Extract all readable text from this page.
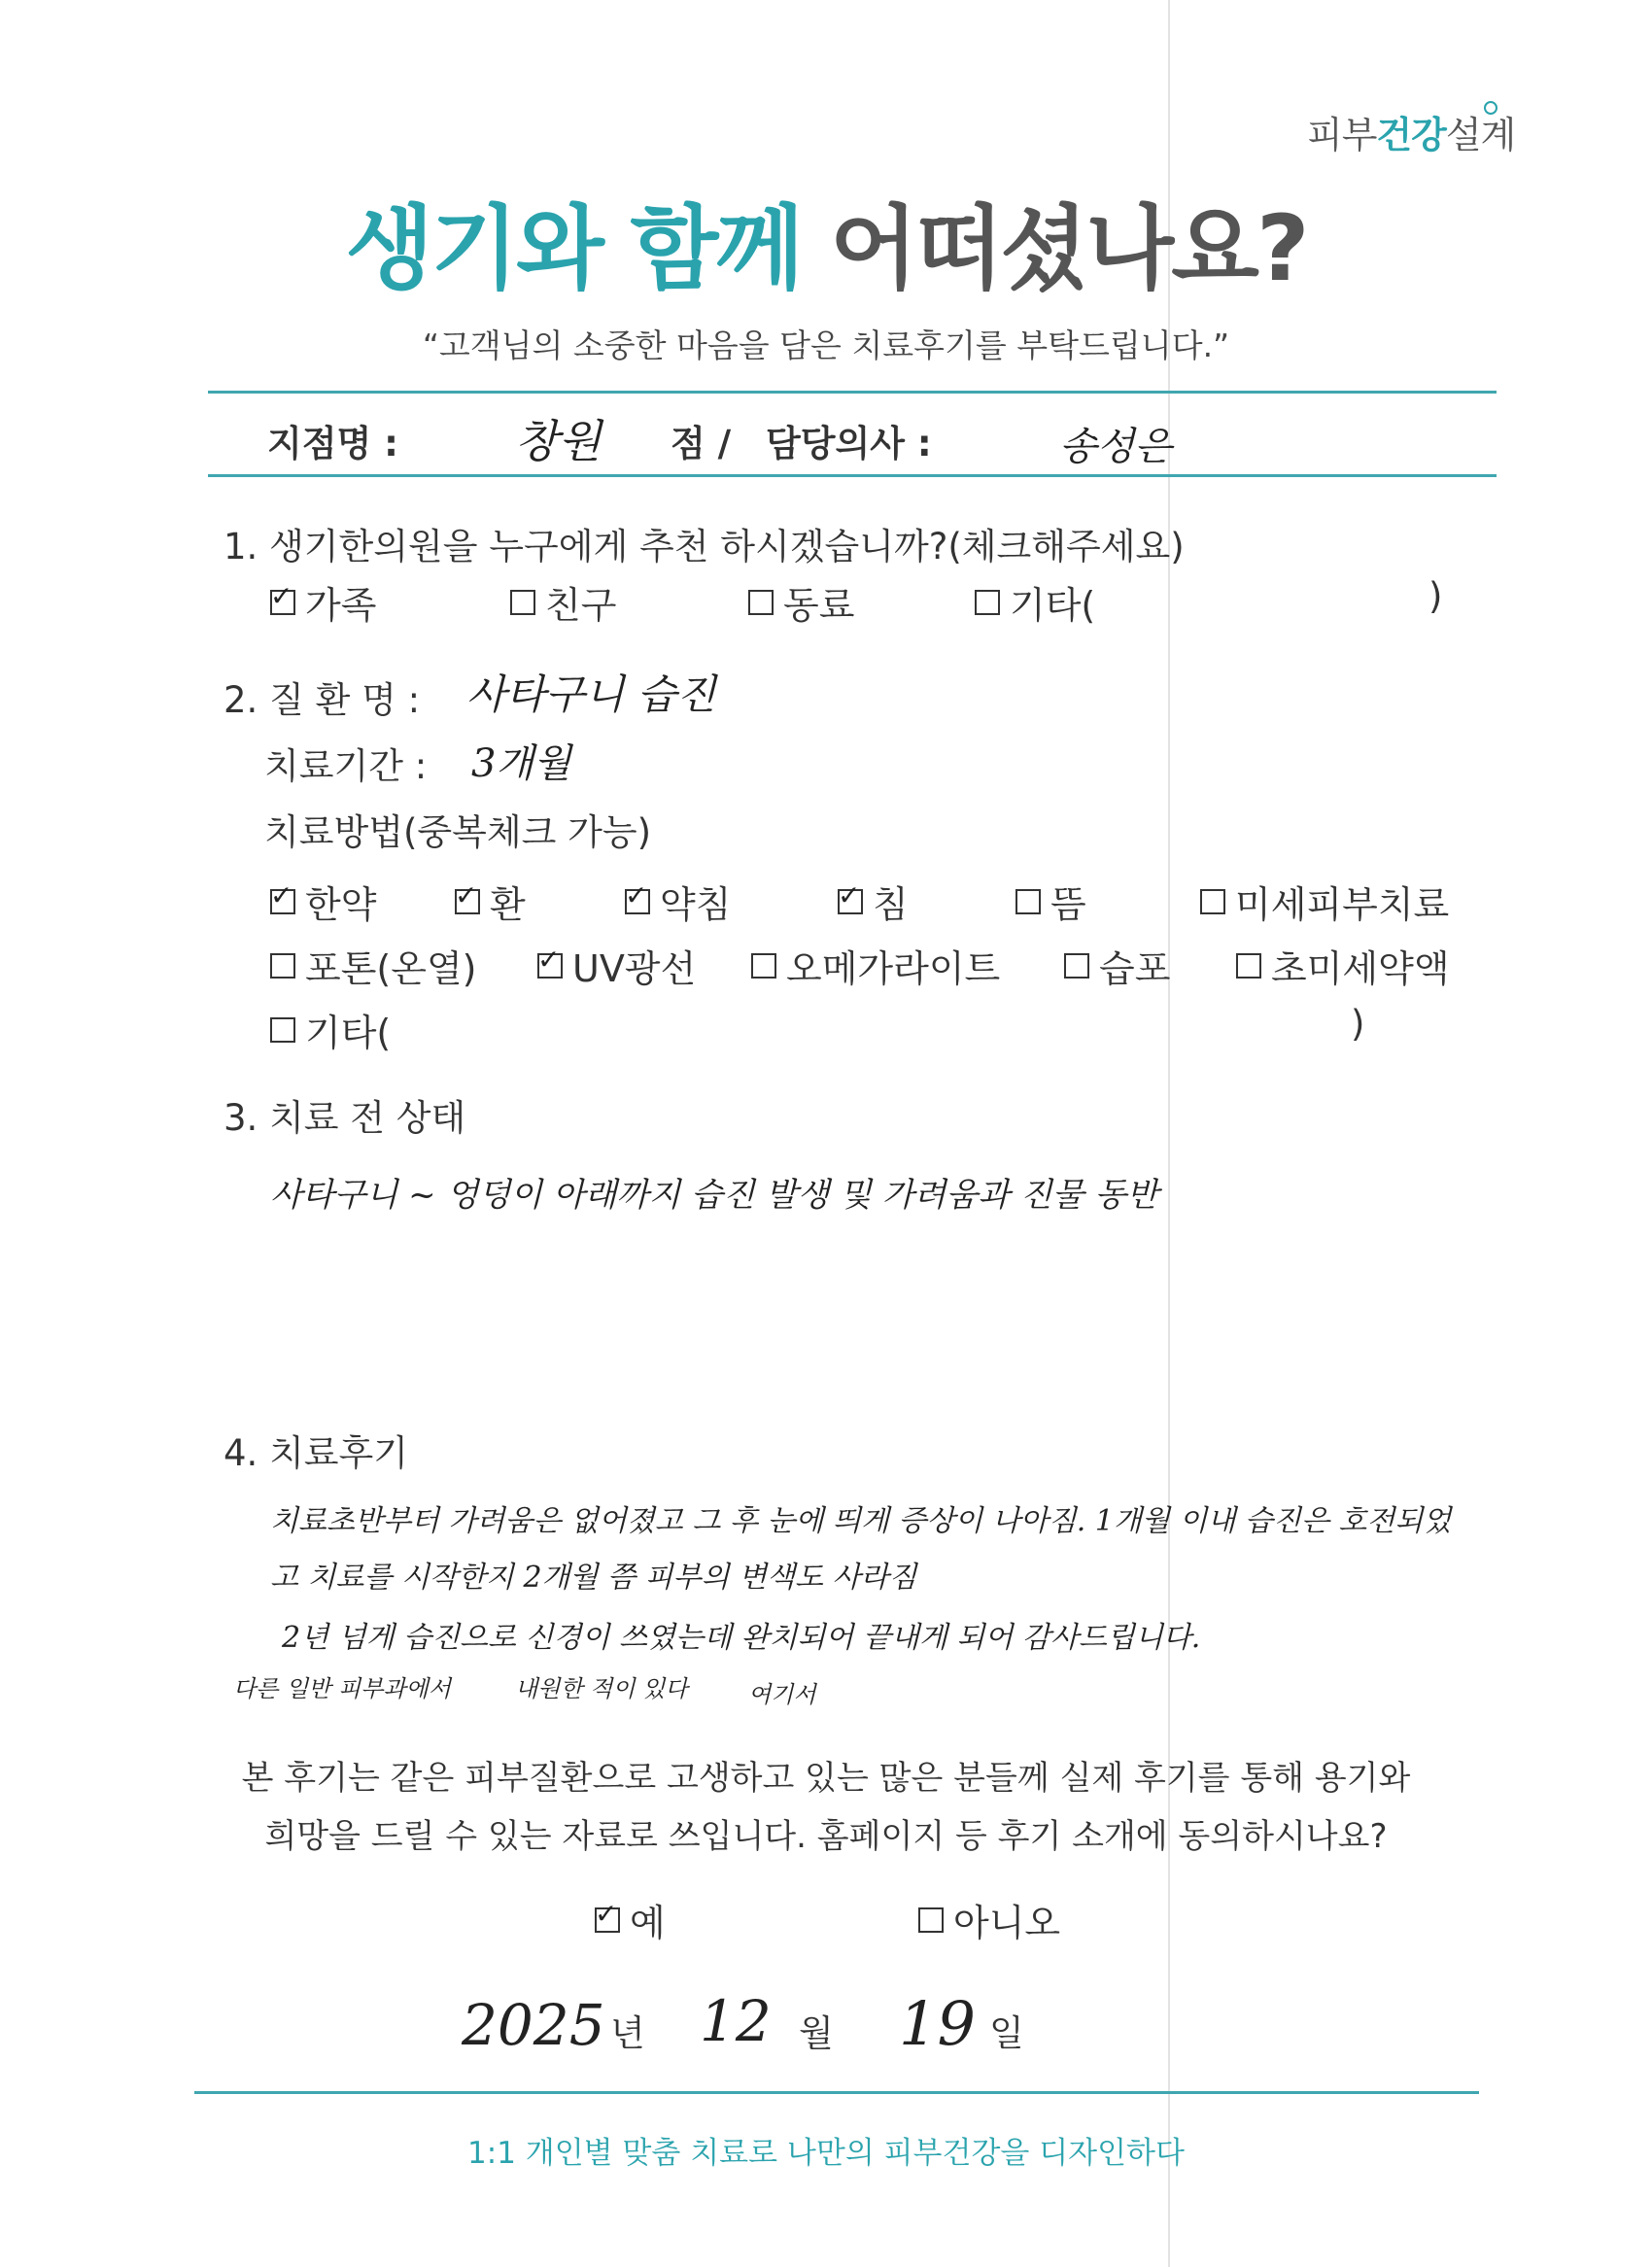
피부건강설계
생기와 함께 어떠셨나요?
“고객님의 소중한 마음을 담은 치료후기를 부탁드립니다.”
지점명 :	창원 점 / 담당의사 :	송성은
1. 생기한의원을 누구에게 추천 하시겠습니까?(체크해주세요)
✓
가족	친구	동료	기타(	)
2. 질 환 명 : 사타구니 습진
치료기간 : 3개월
치료방법(중복체크 가능)
✓
한약 ✓	환 ✓	약침 ✓	침	뜸	미세피부치료
포톤(온열) ✓	UV광선 오메가라이트	습포	초미세약액
기타(	)
3. 치료 전 상태
사타구니 ~ 엉덩이 아래까지 습진 발생 및 가려움과 진물 동반
4. 치료후기
치료초반부터 가려움은 없어졌고 그 후 눈에 띄게 증상이 나아짐. 1개월 이내 습진은 호전되었
고 치료를 시작한지 2개월 쯤 피부의 변색도 사라짐
2년 넘게 습진으로 신경이 쓰였는데 완치되어 끝내게 되어 감사드립니다.
다른 일반 피부과에서	내원한 적이 있다	여기서
본 후기는 같은 피부질환으로 고생하고 있는 많은 분들께 실제 후기를 통해 용기와
희망을 드릴 수 있는 자료로 쓰입니다. 홈페이지 등 후기 소개에 동의하시나요?
✓
예	아니오
2025 년 12 월 19 일
1:1 개인별 맞춤 치료로 나만의 피부건강을 디자인하다
